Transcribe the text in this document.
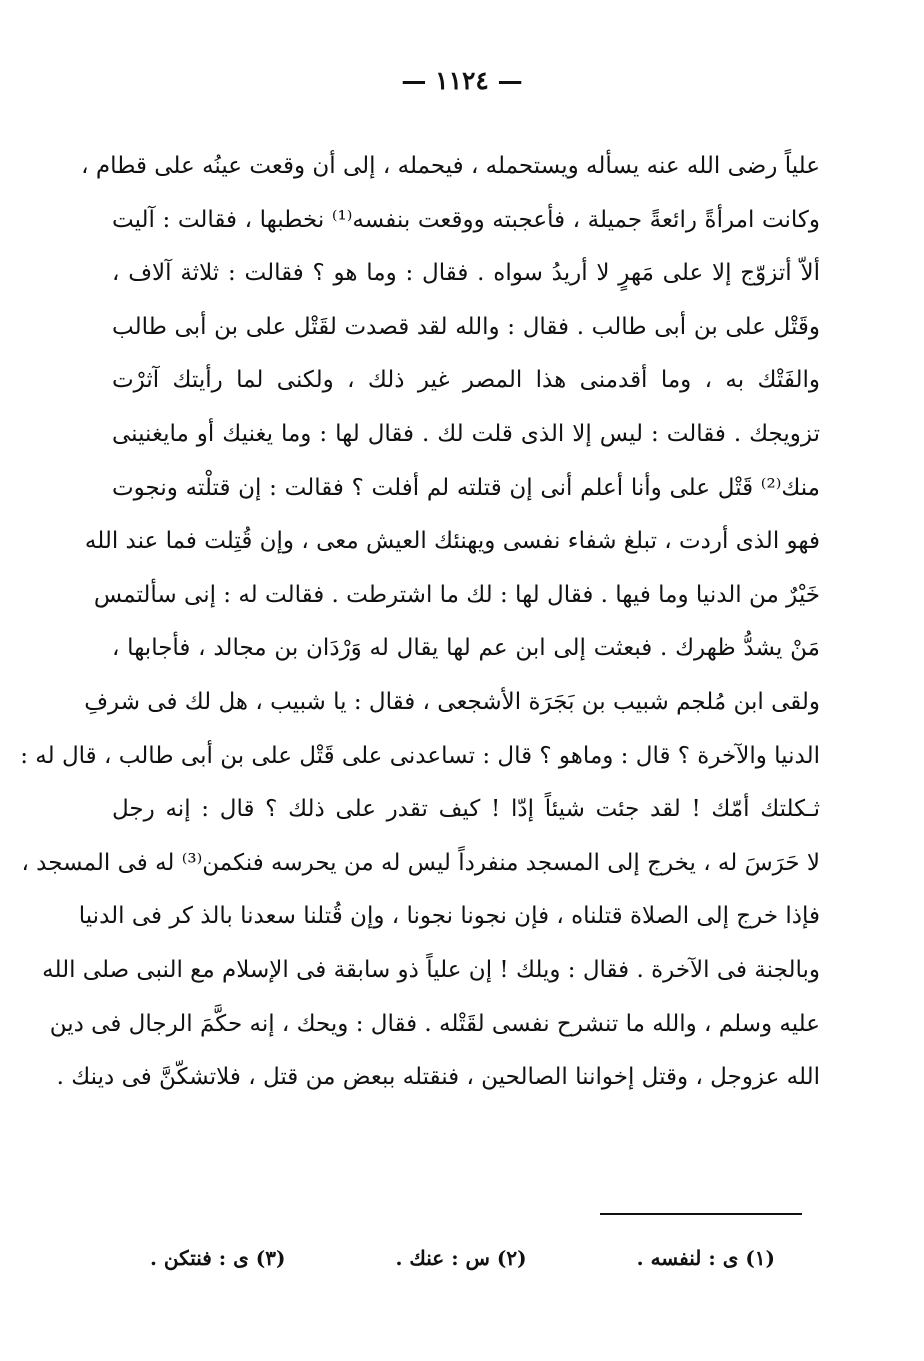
— ١١٢٤ —
علياً رضى الله عنه يسأله ويستحمله ، فيحمله ، إلى أن وقعت عينُه على قطام ،
وكانت امرأةً رائعةً جميلة ، فأعجبته ووقعت بنفسه⁽¹⁾ نخطبها ، فقالت : آليت
ألاّ أتزوّج إلا على مَهرٍ لا أريدُ سواه . فقال : وما هو ؟ فقالت : ثلاثة آلاف ،
وقَتْل على بن أبى طالب . فقال : والله لقد قصدت لقَتْل على بن أبى طالب
والفَتْك به ، وما أقدمنى هذا المصر غير ذلك ، ولكنى لما رأيتك آثرْت
تزويجك . فقالت : ليس إلا الذى قلت لك . فقال لها : وما يغنيك أو مايغنينى
منك⁽²⁾ قَتْل على وأنا أعلم أنى إن قتلته لم أفلت ؟ فقالت : إن قتلْته ونجوت
فهو الذى أردت ، تبلغ شفاء نفسى ويهنئك العيش معى ، وإن قُتِلت فما عند الله
خَيْرٌ من الدنيا وما فيها . فقال لها : لك ما اشترطت . فقالت له : إنى سألتمس
مَنْ يشدُّ ظهرك . فبعثت إلى ابن عم لها يقال له وَرْدَان بن مجالد ، فأجابها ،
ولقى ابن مُلجم شبيب بن بَجَرَة الأشجعى ، فقال : يا شبيب ، هل لك فى شرفِ
الدنيا والآخرة ؟ قال : وماهو ؟ قال : تساعدنى على قَتْل على بن أبى طالب ، قال له :
ثـكلتك أمّك ! لقد جئت شيئاً إدّا ! كيف تقدر على ذلك ؟ قال : إنه رجل
لا حَرَسَ له ، يخرج إلى المسجد منفرداً ليس له من يحرسه فنكمن⁽³⁾ له فى المسجد ،
فإذا خرج إلى الصلاة قتلناه ، فإن نجونا نجونا ، وإن قُتلنا سعدنا بالذ كر فى الدنيا
وبالجنة فى الآخرة . فقال : ويلك ! إن علياً ذو سابقة فى الإسلام مع النبى صلى الله
عليه وسلم ، والله ما تنشرح نفسى لقَتْله . فقال : ويحك ، إنه حكَّمَ الرجال فى دين
الله عزوجل ، وقتل إخواننا الصالحين ، فنقتله ببعض من قتل ، فلاتشكّنَّ فى دينك .
(١) ى : لنفسه .
(٢) س : عنك .
(٣) ى : فنتكن .
